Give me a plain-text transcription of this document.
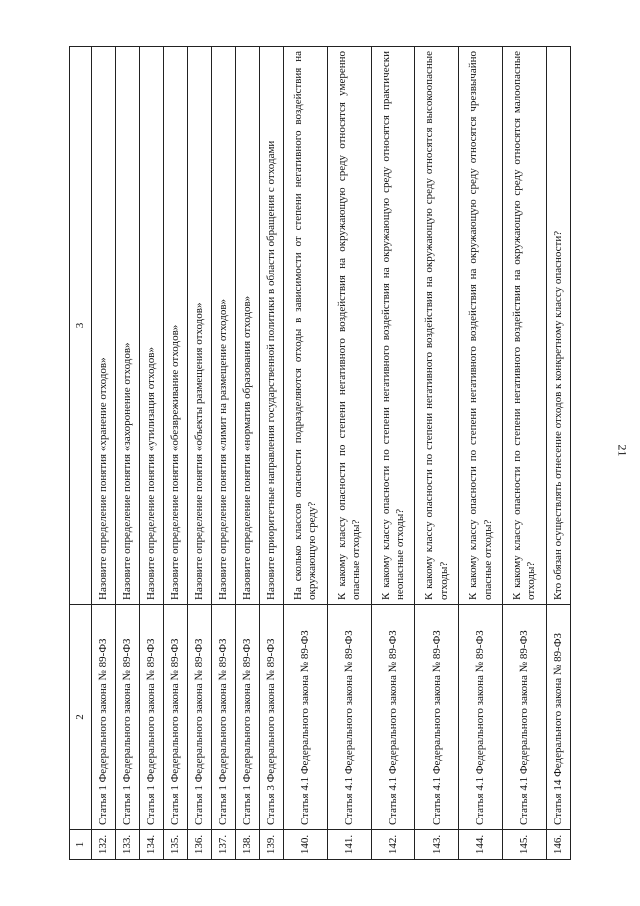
21
1	2	3
132.	Статья 1 Федерального закона № 89-ФЗ	Назовите определение понятия «хранение отходов»
133.	Статья 1 Федерального закона № 89-ФЗ	Назовите определение понятия «захоронение отходов»
134.	Статья 1 Федерального закона № 89-ФЗ	Назовите определение понятия «утилизация отходов»
135.	Статья 1 Федерального закона № 89-ФЗ	Назовите определение понятия «обезвреживание отходов»
136.	Статья 1 Федерального закона № 89-ФЗ	Назовите определение понятия «объекты размещения отходов»
137.	Статья 1 Федерального закона № 89-ФЗ	Назовите определение понятия «лимит на размещение отходов»
138.	Статья 1 Федерального закона № 89-ФЗ	Назовите определение понятия «норматив образования отходов»
139.	Статья 3 Федерального закона № 89-ФЗ	Назовите приоритетные направления государственной политики в области обращения с отходами
140.	Статья 4.1 Федерального закона № 89-ФЗ	На сколько классов опасности подразделяются отходы в зависимости от степени негативного воздействия на окружающую среду?
141.	Статья 4.1 Федерального закона № 89-ФЗ	К какому классу опасности по степени негативного воздействия на окружающую среду относятся умеренно опасные отходы?
142.	Статья 4.1 Федерального закона № 89-ФЗ	К какому классу опасности по степени негативного воздействия на окружающую среду относятся практически неопасные отходы?
143.	Статья 4.1 Федерального закона № 89-ФЗ	К какому классу опасности по степени негативного воздействия на окружающую среду относятся высокоопасные отходы?
144.	Статья 4.1 Федерального закона № 89-ФЗ	К какому классу опасности по степени негативного воздействия на окружающую среду относятся чрезвычайно опасные отходы?
145.	Статья 4.1 Федерального закона № 89-ФЗ	К какому классу опасности по степени негативного воздействия на окружающую среду относятся малоопасные отходы?
146.	Статья 14 Федерального закона № 89-ФЗ	Кто обязан осуществлять отнесение отходов к конкретному классу опасности?
